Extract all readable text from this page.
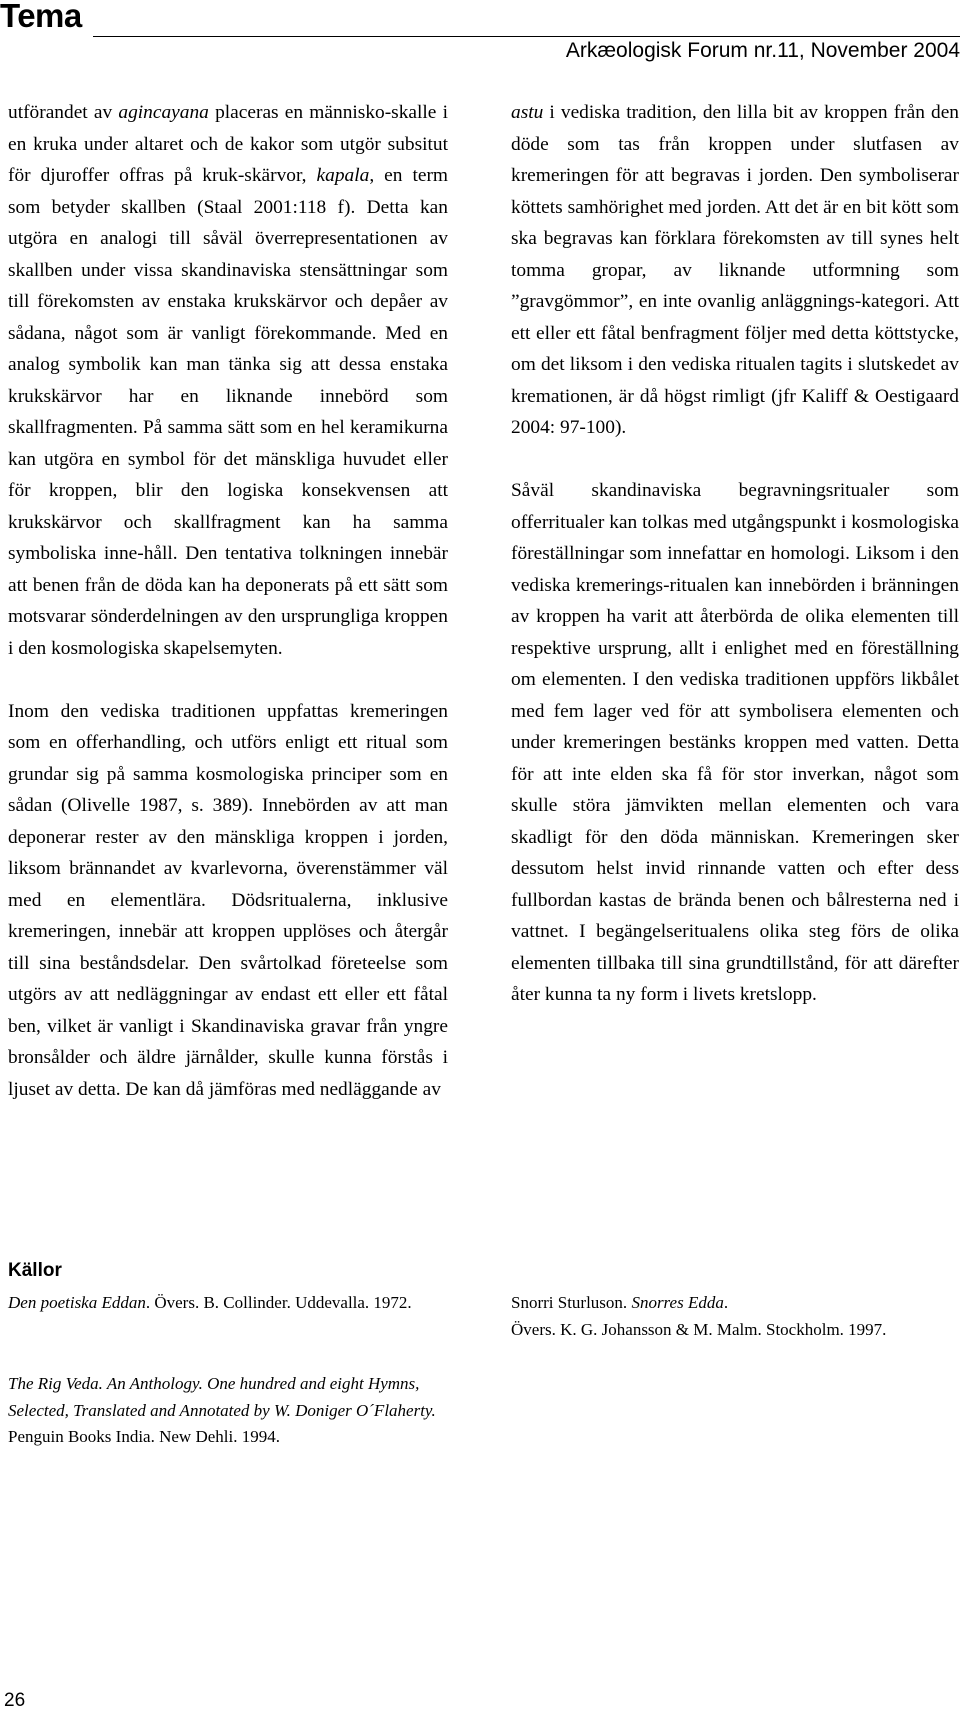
Tema
Arkæologisk Forum nr.11, November 2004

utförandet av agincayana placeras en människo-skalle i en kruka under altaret och de kakor som utgör subsitut för djuroffer offras på kruk-skärvor, kapala, en term som betyder skallben (Staal 2001:118 f). Detta kan utgöra en analogi till såväl överrepresentationen av skallben under vissa skandinaviska stensättningar som till förekomsten av enstaka krukskärvor och depåer av sådana, något som är vanligt förekommande. Med en analog symbolik kan man tänka sig att dessa enstaka krukskärvor har en liknande innebörd som skallfragmenten. På samma sätt som en hel keramikurna kan utgöra en symbol för det mänskliga huvudet eller för kroppen, blir den logiska konsekvensen att krukskärvor och skallfragment kan ha samma symboliska inne-håll. Den tentativa tolkningen innebär att benen från de döda kan ha deponerats på ett sätt som motsvarar sönderdelningen av den ursprungliga kroppen i den kosmologiska skapelsemyten.

Inom den vediska traditionen uppfattas kremeringen som en offerhandling, och utförs enligt ett ritual som grundar sig på samma kosmologiska principer som en sådan (Olivelle 1987, s. 389). Innebörden av att man deponerar rester av den mänskliga kroppen i jorden, liksom brännandet av kvarlevorna, överenstämmer väl med en elementlära. Dödsritualerna, inklusive kremeringen, innebär att kroppen upplöses och återgår till sina beståndsdelar. Den svårtolkad företeelse som utgörs av att nedläggningar av endast ett eller ett fåtal ben, vilket är vanligt i Skandinaviska gravar från yngre bronsålder och äldre järnålder, skulle kunna förstås i ljuset av detta. De kan då jämföras med nedläggande av

astu i vediska tradition, den lilla bit av kroppen från den döde som tas från kroppen under slutfasen av kremeringen för att begravas i jorden. Den symboliserar köttets samhörighet med jorden. Att det är en bit kött som ska begravas kan förklara förekomsten av till synes helt tomma gropar, av liknande utformning som ”gravgömmor”, en inte ovanlig anläggnings-kategori. Att ett eller ett fåtal benfragment följer med detta köttstycke, om det liksom i den vediska ritualen tagits i slutskedet av kremationen, är då högst rimligt (jfr Kaliff & Oestigaard 2004: 97-100).

Såväl skandinaviska begravningsritualer som offerritualer kan tolkas med utgångspunkt i kosmologiska föreställningar som innefattar en homologi. Liksom i den vediska kremerings-ritualen kan innebörden i bränningen av kroppen ha varit att återbörda de olika elementen till respektive ursprung, allt i enlighet med en föreställning om elementen. I den vediska traditionen uppförs likbålet med fem lager ved för att symbolisera elementen och under kremeringen bestänks kroppen med vatten. Detta för att inte elden ska få för stor inverkan, något som skulle störa jämvikten mellan elementen och vara skadligt för den döda människan. Kremeringen sker dessutom helst invid rinnande vatten och efter dess fullbordan kastas de brända benen och bålresterna ned i vattnet. I begängelseritualens olika steg förs de olika elementen tillbaka till sina grundtillstånd, för att därefter åter kunna ta ny form i livets kretslopp.

Källor
Den poetiska Eddan. Övers. B. Collinder. Uddevalla. 1972.	Snorri Sturluson. Snorres Edda.
Övers. K. G. Johansson & M. Malm. Stockholm. 1997.
The Rig Veda. An Anthology. One hundred and eight Hymns, Selected, Translated and Annotated by W. Doniger O´Flaherty.
Penguin Books India. New Dehli. 1994.
26
